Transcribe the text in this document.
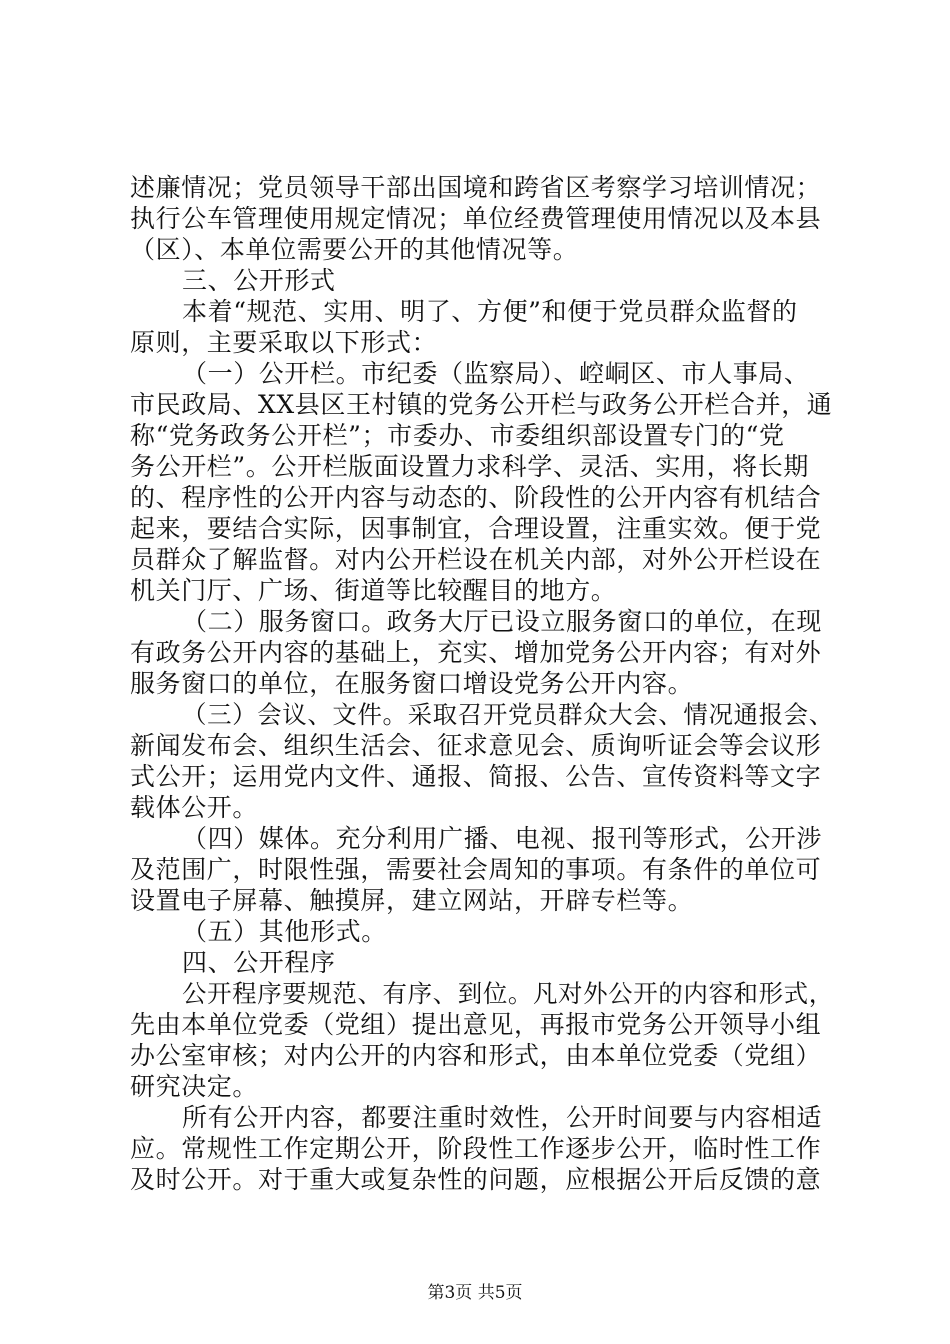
述廉情况；党员领导干部出国境和跨省区考察学习培训情况；
执行公车管理使用规定情况；单位经费管理使用情况以及本县
（区）、本单位需要公开的其他情况等。
三、公开形式
本着“规范、实用、明了、方便”和便于党员群众监督的
原则，主要采取以下形式：
（一）公开栏。市纪委（监察局）、崆峒区、市人事局、
市民政局、XX县区王村镇的党务公开栏与政务公开栏合并，通
称“党务政务公开栏”；市委办、市委组织部设置专门的“党
务公开栏”。公开栏版面设置力求科学、灵活、实用，将长期
的、程序性的公开内容与动态的、阶段性的公开内容有机结合
起来，要结合实际，因事制宜，合理设置，注重实效。便于党
员群众了解监督。对内公开栏设在机关内部，对外公开栏设在
机关门厅、广场、街道等比较醒目的地方。
（二）服务窗口。政务大厅已设立服务窗口的单位，在现
有政务公开内容的基础上，充实、增加党务公开内容；有对外
服务窗口的单位，在服务窗口增设党务公开内容。
（三）会议、文件。采取召开党员群众大会、情况通报会、
新闻发布会、组织生活会、征求意见会、质询听证会等会议形
式公开；运用党内文件、通报、简报、公告、宣传资料等文字
载体公开。
（四）媒体。充分利用广播、电视、报刊等形式，公开涉
及范围广，时限性强，需要社会周知的事项。有条件的单位可
设置电子屏幕、触摸屏，建立网站，开辟专栏等。
（五）其他形式。
四、公开程序
公开程序要规范、有序、到位。凡对外公开的内容和形式，
先由本单位党委（党组）提出意见，再报市党务公开领导小组
办公室审核；对内公开的内容和形式，由本单位党委（党组）
研究决定。
所有公开内容，都要注重时效性，公开时间要与内容相适
应。常规性工作定期公开，阶段性工作逐步公开，临时性工作
及时公开。对于重大或复杂性的问题，应根据公开后反馈的意
第3页 共5页
